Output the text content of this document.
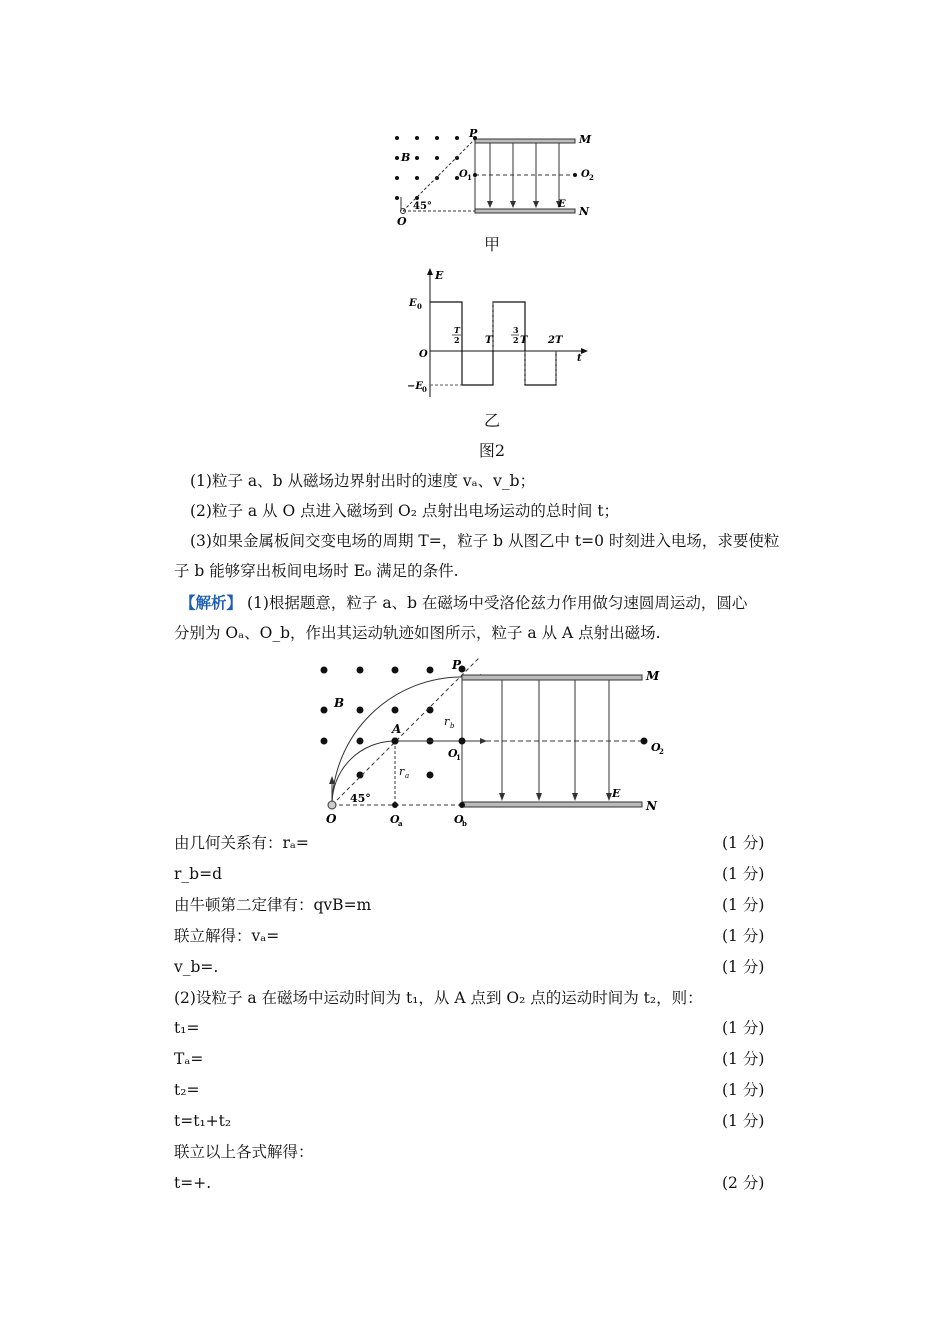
P	M
B
O 1	O 2
E
N
O
45°
甲
E
E 0
−E
0
O	t
T
2	T
3
2 T 2T
乙
图2
(1)粒子 a、b 从磁场边界射出时的速度 vₐ、v_b；
(2)粒子 a 从 O 点进入磁场到 O₂ 点射出电场运动的总时间 t；
(3)如果金属板间交变电场的周期 T=，粒子 b 从图乙中 t=0 时刻进入电场，求要使粒
子 b 能够穿出板间电场时 E₀ 满足的条件.
【解析】 (1)根据题意，粒子 a、b 在磁场中受洛伦兹力作用做匀速圆周运动，圆心
分别为 Oₐ、O_b，作出其运动轨迹如图所示，粒子 a 从 A 点射出磁场.
P
M
B
A
r b
O
1
O
2
r a
45°	E
N
O	O
a	O
b
由几何关系有：rₐ=	(1 分)
r_b=d	(1 分)
由牛顿第二定律有：qvB=m	(1 分)
联立解得：vₐ=	(1 分)
v_b=.	(1 分)
(2)设粒子 a 在磁场中运动时间为 t₁，从 A 点到 O₂ 点的运动时间为 t₂，则：
t₁=	(1 分)
Tₐ=	(1 分)
t₂=	(1 分)
t=t₁+t₂	(1 分)
联立以上各式解得：
t=+.	(2 分)
